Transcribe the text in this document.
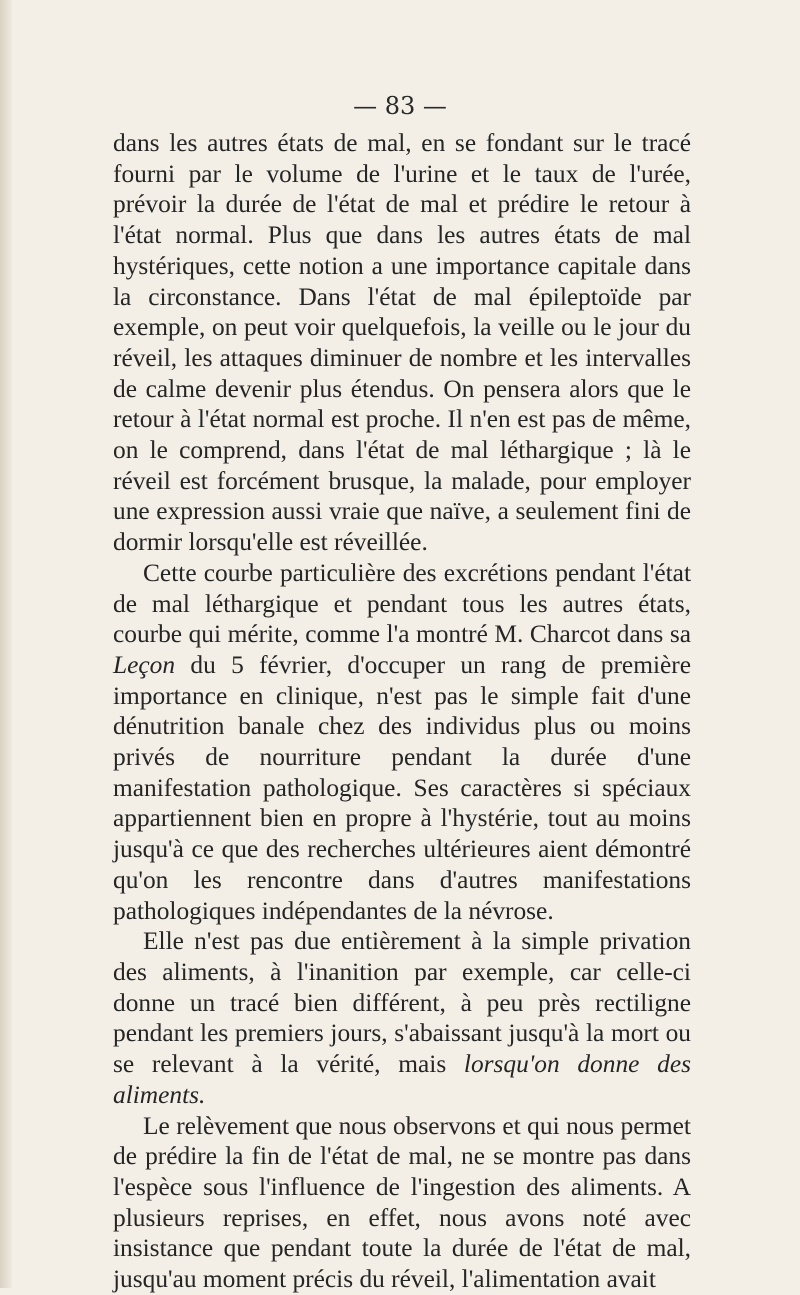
— 83 —

dans les autres états de mal, en se fondant sur le tracé fourni par le volume de l'urine et le taux de l'urée, prévoir la durée de l'état de mal et prédire le retour à l'état normal. Plus que dans les autres états de mal hystériques, cette notion a une importance capitale dans la circonstance. Dans l'état de mal épileptoïde par exemple, on peut voir quelquefois, la veille ou le jour du réveil, les attaques diminuer de nombre et les intervalles de calme devenir plus étendus. On pensera alors que le retour à l'état normal est proche. Il n'en est pas de même, on le comprend, dans l'état de mal léthargique ; là le réveil est forcément brusque, la malade, pour employer une expression aussi vraie que naïve, a seulement fini de dormir lorsqu'elle est réveillée.

Cette courbe particulière des excrétions pendant l'état de mal léthargique et pendant tous les autres états, courbe qui mérite, comme l'a montré M. Charcot dans sa Leçon du 5 février, d'occuper un rang de première importance en clinique, n'est pas le simple fait d'une dénutrition banale chez des individus plus ou moins privés de nourriture pendant la durée d'une manifestation pathologique. Ses caractères si spéciaux appartiennent bien en propre à l'hystérie, tout au moins jusqu'à ce que des recherches ultérieures aient démontré qu'on les rencontre dans d'autres manifestations pathologiques indépendantes de la névrose.

Elle n'est pas due entièrement à la simple privation des aliments, à l'inanition par exemple, car celle-ci donne un tracé bien différent, à peu près rectiligne pendant les premiers jours, s'abaissant jusqu'à la mort ou se relevant à la vérité, mais lorsqu'on donne des aliments.

Le relèvement que nous observons et qui nous permet de prédire la fin de l'état de mal, ne se montre pas dans l'espèce sous l'influence de l'ingestion des aliments. A plusieurs reprises, en effet, nous avons noté avec insistance que pendant toute la durée de l'état de mal, jusqu'au moment précis du réveil, l'alimentation avait
